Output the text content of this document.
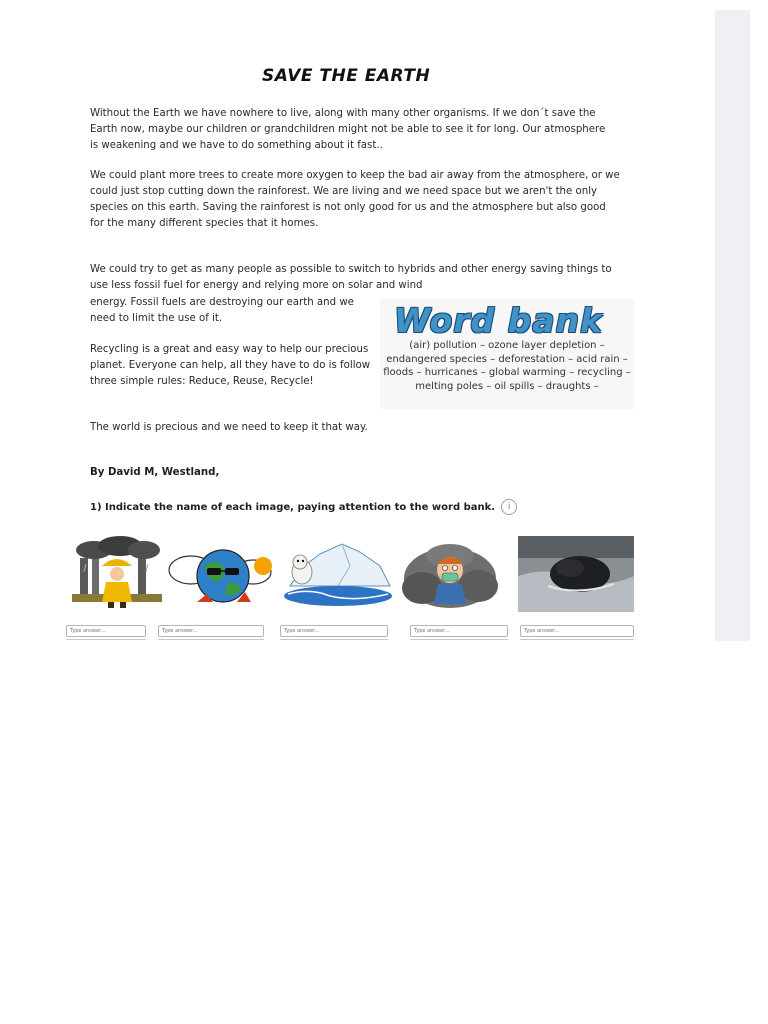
SAVE THE EARTH

Without the Earth we have nowhere to live, along with many other organisms. If we don´t save the Earth now, maybe our children or grandchildren might not be able to see it for long. Our atmosphere is weakening and we have to do something about it fast..

We could plant more trees to create more oxygen to keep the bad air away from the atmosphere, or we could just stop cutting down the rainforest. We are living and we need space but we aren't the only species on this earth. Saving the rainforest is not only good for us and the atmosphere but also good for the many different species that it homes.

We could try to get as many people as possible to switch to hybrids and other energy saving things to use less fossil fuel for energy and relying more on solar and wind

energy. Fossil fuels are destroying our earth and we need to limit the use of it.

Recycling is a great and easy way to help our precious planet. Everyone can help, all they have to do is follow three simple rules: Reduce, Reuse, Recycle!

The world is precious and we need to keep it that way.

Word bank

(air) pollution – ozone layer depletion – endangered species – deforestation – acid rain – floods – hurricanes – global warming – recycling – melting poles – oil spills – draughts –

By David M, Westland,
1) Indicate the name of each image, paying attention to the word bank. i
Type answer...
Type answer...
Type answer...
Type answer...
Type answer...
